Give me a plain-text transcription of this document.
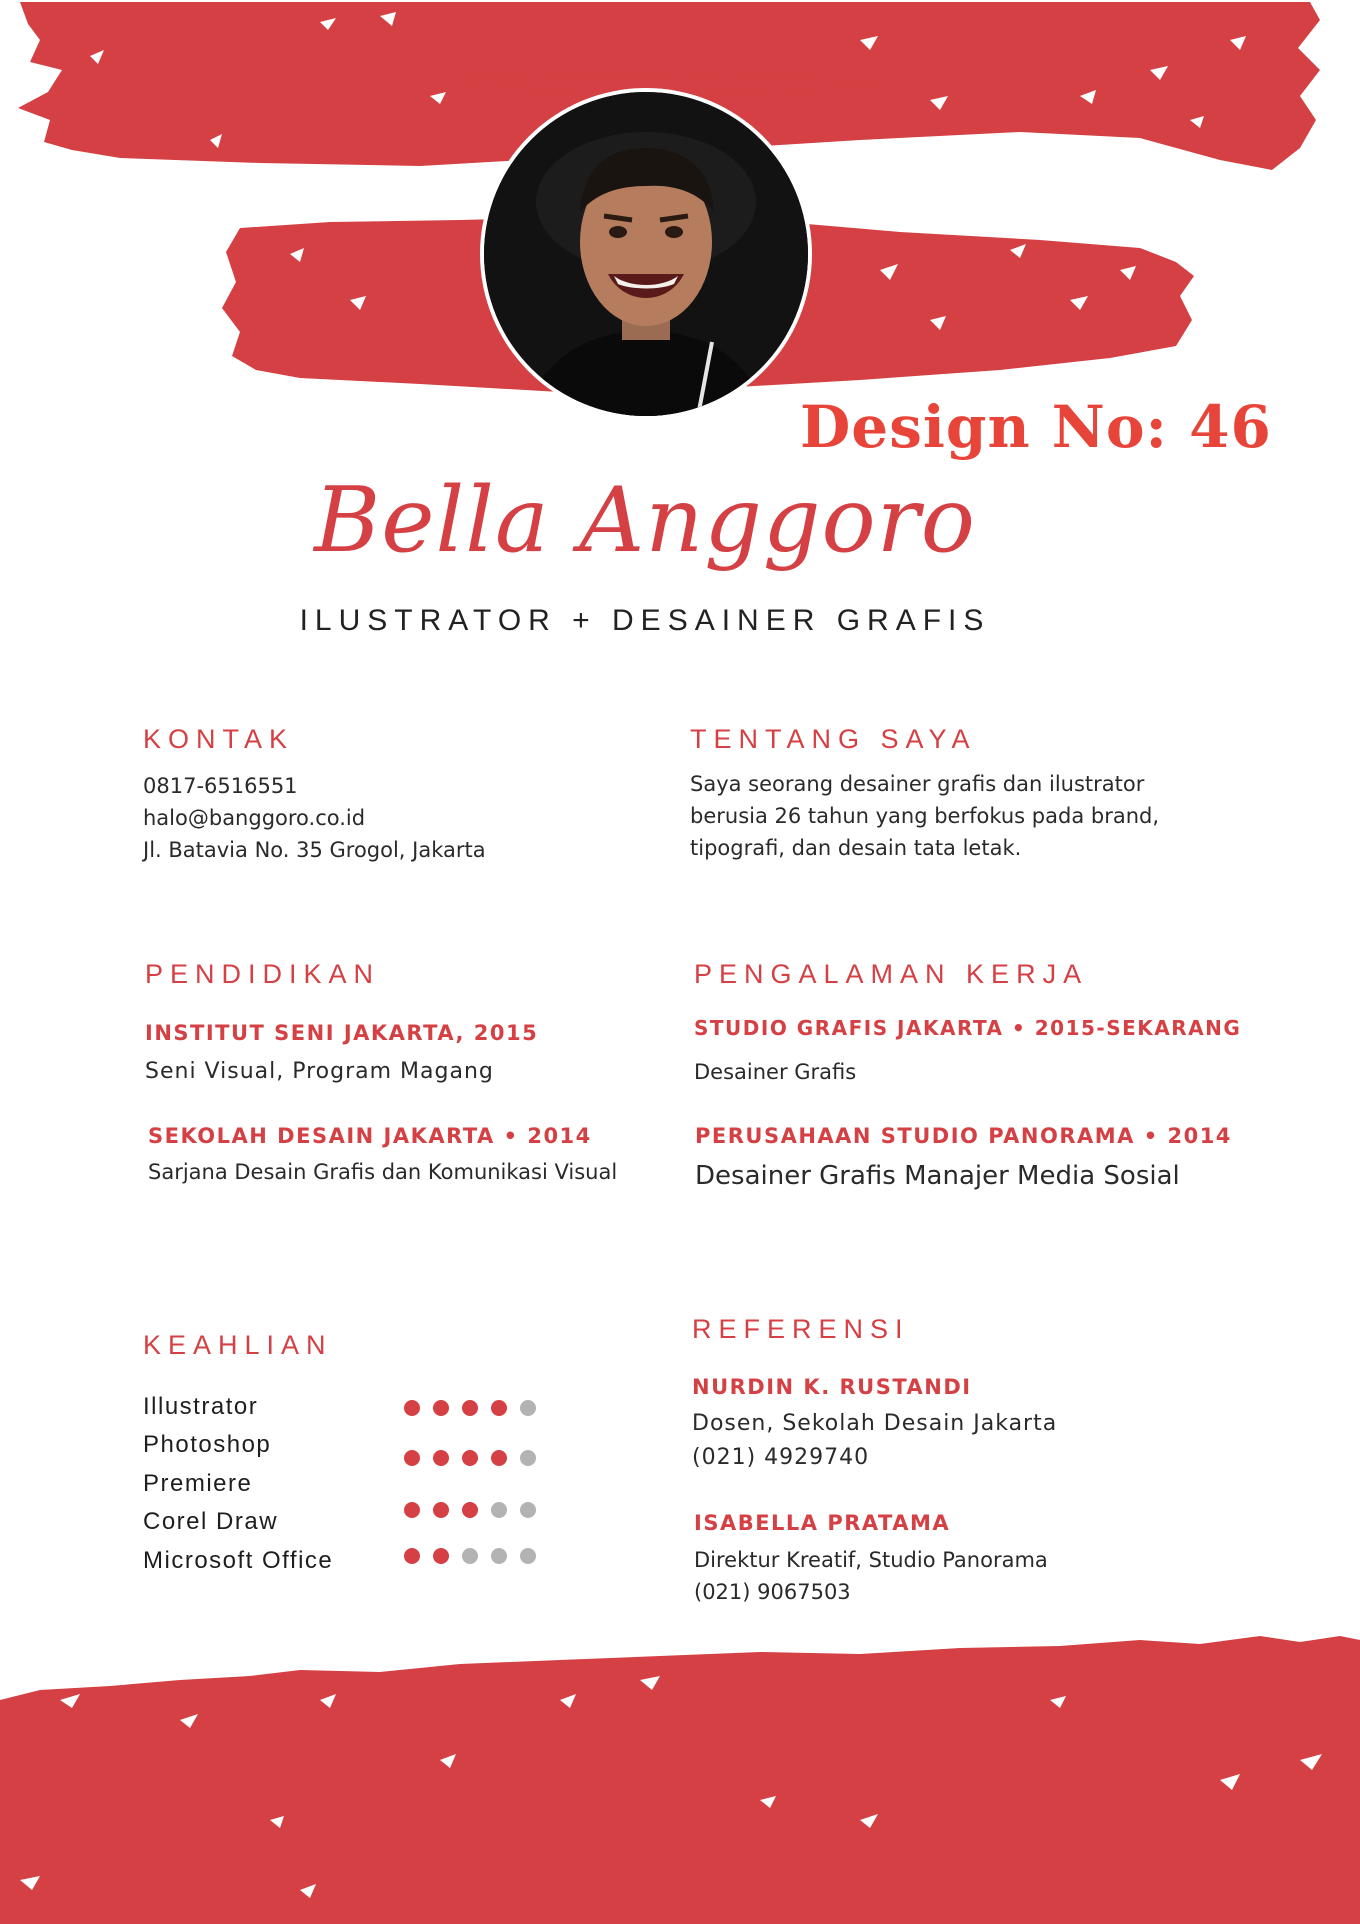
Design No: 46
Bella Anggoro
ILUSTRATOR + DESAINER GRAFIS
KONTAK
0817-6516551
halo@banggoro.co.id
Jl. Batavia No. 35 Grogol, Jakarta
TENTANG SAYA
Saya seorang desainer grafis dan ilustrator
berusia 26 tahun yang berfokus pada brand,
tipografi, dan desain tata letak.
PENDIDIKAN
INSTITUT SENI JAKARTA, 2015
Seni Visual, Program Magang
SEKOLAH DESAIN JAKARTA • 2014
Sarjana Desain Grafis dan Komunikasi Visual
PENGALAMAN KERJA
STUDIO GRAFIS JAKARTA • 2015-SEKARANG
Desainer Grafis
PERUSAHAAN STUDIO PANORAMA • 2014
Desainer Grafis Manajer Media Sosial
KEAHLIAN
Illustrator
Photoshop
Premiere
Corel Draw
Microsoft Office
REFERENSI
NURDIN K. RUSTANDI
Dosen, Sekolah Desain Jakarta
(021) 4929740
ISABELLA PRATAMA
Direktur Kreatif, Studio Panorama
(021) 9067503
